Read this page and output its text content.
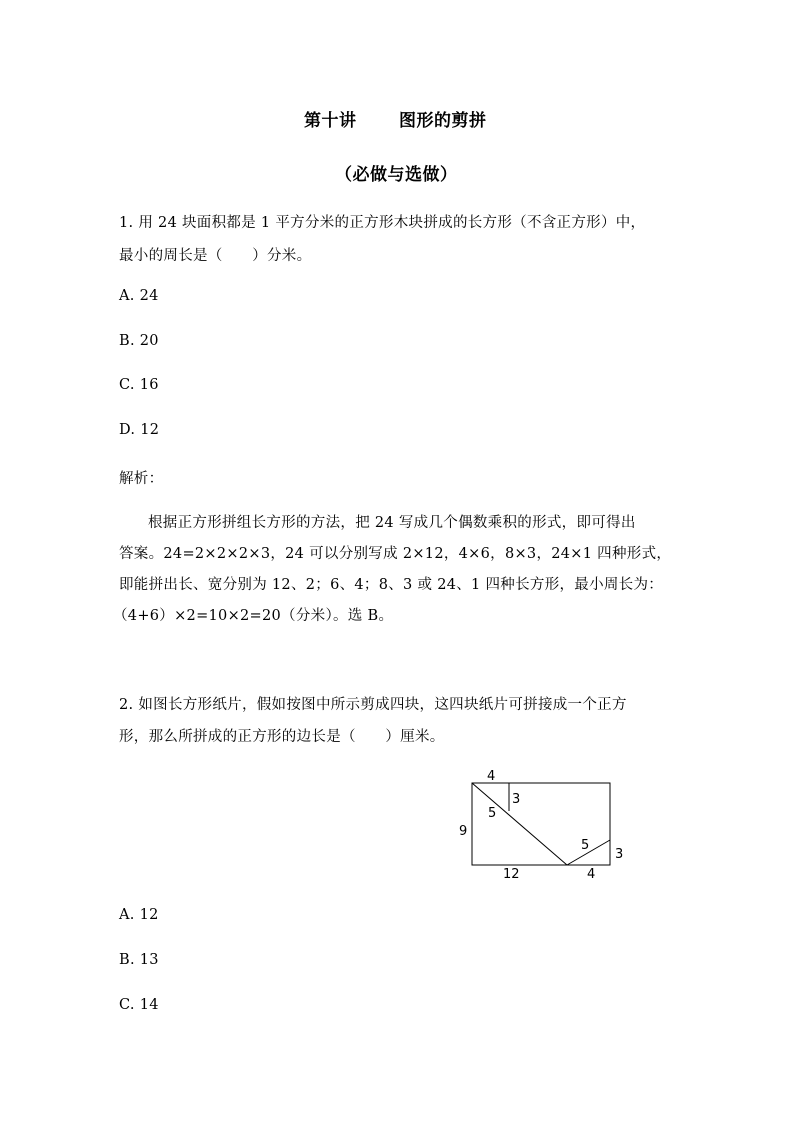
第十讲	图形的剪拼
（必做与选做）
1. 用 24 块面积都是 1 平方分米的正方形木块拼成的长方形（不含正方形）中，
最小的周长是（　　）分米。
A. 24
B. 20
C. 16
D. 12
解析：
根据正方形拼组长方形的方法，把 24 写成几个偶数乘积的形式，即可得出
答案。24=2×2×2×3，24 可以分别写成 2×12，4×6，8×3，24×1 四种形式，
即能拼出长、宽分别为 12、2；6、4；8、3 或 24、1 四种长方形，最小周长为：
（4+6）×2=10×2=20（分米）。选 B。
2. 如图长方形纸片，假如按图中所示剪成四块，这四块纸片可拼接成一个正方
形，那么所拼成的正方形的边长是（　　）厘米。
4
3
5
9
12	4
3
5
A. 12
B. 13
C. 14
